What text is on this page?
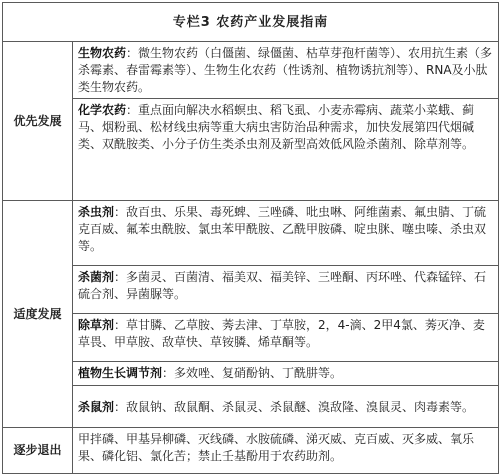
专栏3 农药产业发展指南	
优先发展	生物农药：微生物农药（白僵菌、绿僵菌、枯草芽孢杆菌等）、农用抗生素（多杀霉素、春雷霉素等）、生物生化农药（性诱剂、植物诱抗剂等）、RNA及小肽类生物农药。
	化学农药：重点面向解决水稻螟虫、稻飞虱、小麦赤霉病、蔬菜小菜蛾、蓟马、烟粉虱、松材线虫病等重大病虫害防治品种需求，加快发展第四代烟碱类、双酰胺类、小分子仿生类杀虫剂及新型高效低风险杀菌剂、除草剂等。
适度发展	杀虫剂：敌百虫、乐果、毒死蜱、三唑磷、吡虫啉、阿维菌素、氟虫腈、丁硫克百威、氟苯虫酰胺、氯虫苯甲酰胺、乙酰甲胺磷、啶虫脒、噻虫嗪、杀虫双等。
	杀菌剂：多菌灵、百菌清、福美双、福美锌、三唑酮、丙环唑、代森锰锌、石硫合剂、异菌脲等。
	除草剂：草甘膦、乙草胺、莠去津、丁草胺，2，4-滴、2甲4氯、莠灭净、麦草畏、甲草胺、敌草快、草铵膦、烯草酮等。
	植物生长调节剂：多效唑、复硝酚钠、丁酰肼等。
	杀鼠剂：敌鼠钠、敌鼠酮、杀鼠灵、杀鼠醚、溴敌隆、溴鼠灵、肉毒素等。
逐步退出	甲拌磷、甲基异柳磷、灭线磷、水胺硫磷、涕灭威、克百威、灭多威、氧乐果、磷化铝、氯化苦；禁止壬基酚用于农药助剂。
